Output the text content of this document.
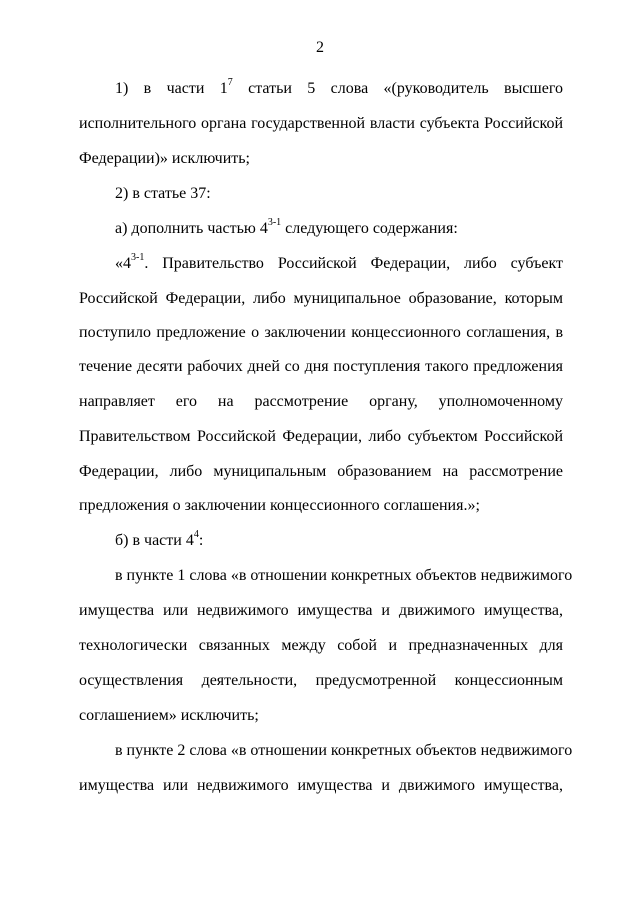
2
1) в части $1^7$ статьи 5 слова «(руководитель высшего
исполнительного органа государственной власти субъекта Российской
Федерации)» исключить;
2) в статье 37:
а) дополнить частью 4$^{3-1}$ следующего содержания:
«4$^{3-1}$. Правительство Российской Федерации, либо субъект
Российской Федерации, либо муниципальное образование, которым
поступило предложение о заключении концессионного соглашения, в
течение десяти рабочих дней со дня поступления такого предложения
направляет его на рассмотрение органу, уполномоченному
Правительством Российской Федерации, либо субъектом Российской
Федерации, либо муниципальным образованием на рассмотрение
предложения о заключении концессионного соглашения.»;
б) в части $4^4$:
в пункте 1 слова «в отношении конкретных объектов недвижимого
имущества или недвижимого имущества и движимого имущества,
технологически связанных между собой и предназначенных для
осуществления деятельности, предусмотренной концессионным
соглашением» исключить;
в пункте 2 слова «в отношении конкретных объектов недвижимого
имущества или недвижимого имущества и движимого имущества,
